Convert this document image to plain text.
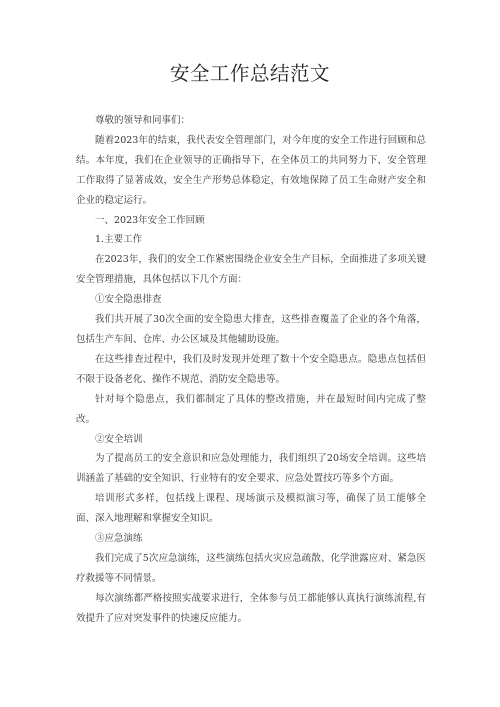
安全工作总结范文

尊敬的领导和同事们：

随着2023年的结束，我代表安全管理部门，对今年度的安全工作进行回顾和总结。本年度，我们在企业领导的正确指导下，在全体员工的共同努力下，安全管理工作取得了显著成效，安全生产形势总体稳定，有效地保障了员工生命财产安全和企业的稳定运行。

一、2023年安全工作回顾

1.主要工作

在2023年，我们的安全工作紧密围绕企业安全生产目标，全面推进了多项关键安全管理措施，具体包括以下几个方面：

①安全隐患排查

我们共开展了30次全面的安全隐患大排查，这些排查覆盖了企业的各个角落，包括生产车间、仓库、办公区域及其他辅助设施。

在这些排查过程中，我们及时发现并处理了数十个安全隐患点。隐患点包括但不限于设备老化、操作不规范、消防安全隐患等。

针对每个隐患点，我们都制定了具体的整改措施，并在最短时间内完成了整改。

②安全培训

为了提高员工的安全意识和应急处理能力，我们组织了20场安全培训。这些培训涵盖了基础的安全知识、行业特有的安全要求、应急处置技巧等多个方面。

培训形式多样，包括线上课程、现场演示及模拟演习等，确保了员工能够全面、深入地理解和掌握安全知识。

③应急演练

我们完成了5次应急演练，这些演练包括火灾应急疏散、化学泄露应对、紧急医疗救援等不同情景。

每次演练都严格按照实战要求进行，全体参与员工都能够认真执行演练流程,有效提升了应对突发事件的快速反应能力。
